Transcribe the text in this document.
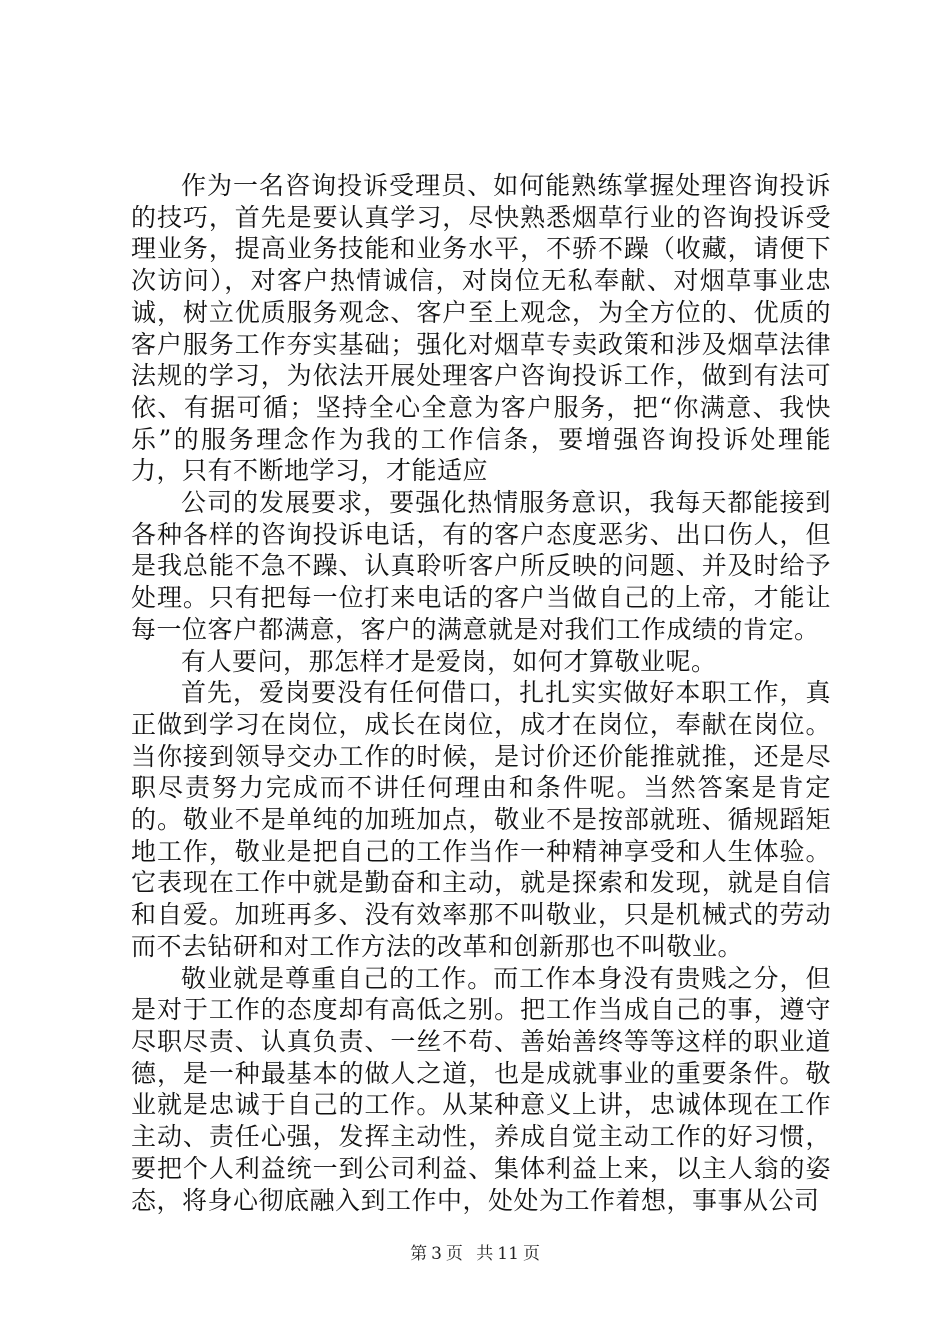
作为一名咨询投诉受理员、如何能熟练掌握处理咨询投诉的技巧，首先是要认真学习，尽快熟悉烟草行业的咨询投诉受理业务，提高业务技能和业务水平，不骄不躁（收藏，请便下次访问），对客户热情诚信，对岗位无私奉献、对烟草事业忠诚，树立优质服务观念、客户至上观念，为全方位的、优质的客户服务工作夯实基础；强化对烟草专卖政策和涉及烟草法律法规的学习，为依法开展处理客户咨询投诉工作，做到有法可依、有据可循；坚持全心全意为客户服务，把“你满意、我快乐”的服务理念作为我的工作信条，要增强咨询投诉处理能力，只有不断地学习，才能适应

公司的发展要求，要强化热情服务意识，我每天都能接到各种各样的咨询投诉电话，有的客户态度恶劣、出口伤人，但是我总能不急不躁、认真聆听客户所反映的问题、并及时给予处理。只有把每一位打来电话的客户当做自己的上帝，才能让每一位客户都满意，客户的满意就是对我们工作成绩的肯定。

有人要问，那怎样才是爱岗，如何才算敬业呢。

首先，爱岗要没有任何借口，扎扎实实做好本职工作，真正做到学习在岗位，成长在岗位，成才在岗位，奉献在岗位。当你接到领导交办工作的时候，是讨价还价能推就推，还是尽职尽责努力完成而不讲任何理由和条件呢。当然答案是肯定的。敬业不是单纯的加班加点，敬业不是按部就班、循规蹈矩地工作，敬业是把自己的工作当作一种精神享受和人生体验。它表现在工作中就是勤奋和主动，就是探索和发现，就是自信和自爱。加班再多、没有效率那不叫敬业，只是机械式的劳动而不去钻研和对工作方法的改革和创新那也不叫敬业。

敬业就是尊重自己的工作。而工作本身没有贵贱之分，但是对于工作的态度却有高低之别。把工作当成自己的事，遵守尽职尽责、认真负责、一丝不苟、善始善终等等这样的职业道德，是一种最基本的做人之道，也是成就事业的重要条件。敬业就是忠诚于自己的工作。从某种意义上讲，忠诚体现在工作主动、责任心强，发挥主动性，养成自觉主动工作的好习惯，要把个人利益统一到公司利益、集体利益上来，以主人翁的姿态，将身心彻底融入到工作中，处处为工作着想，事事从公司

第 3 页 共 11 页
